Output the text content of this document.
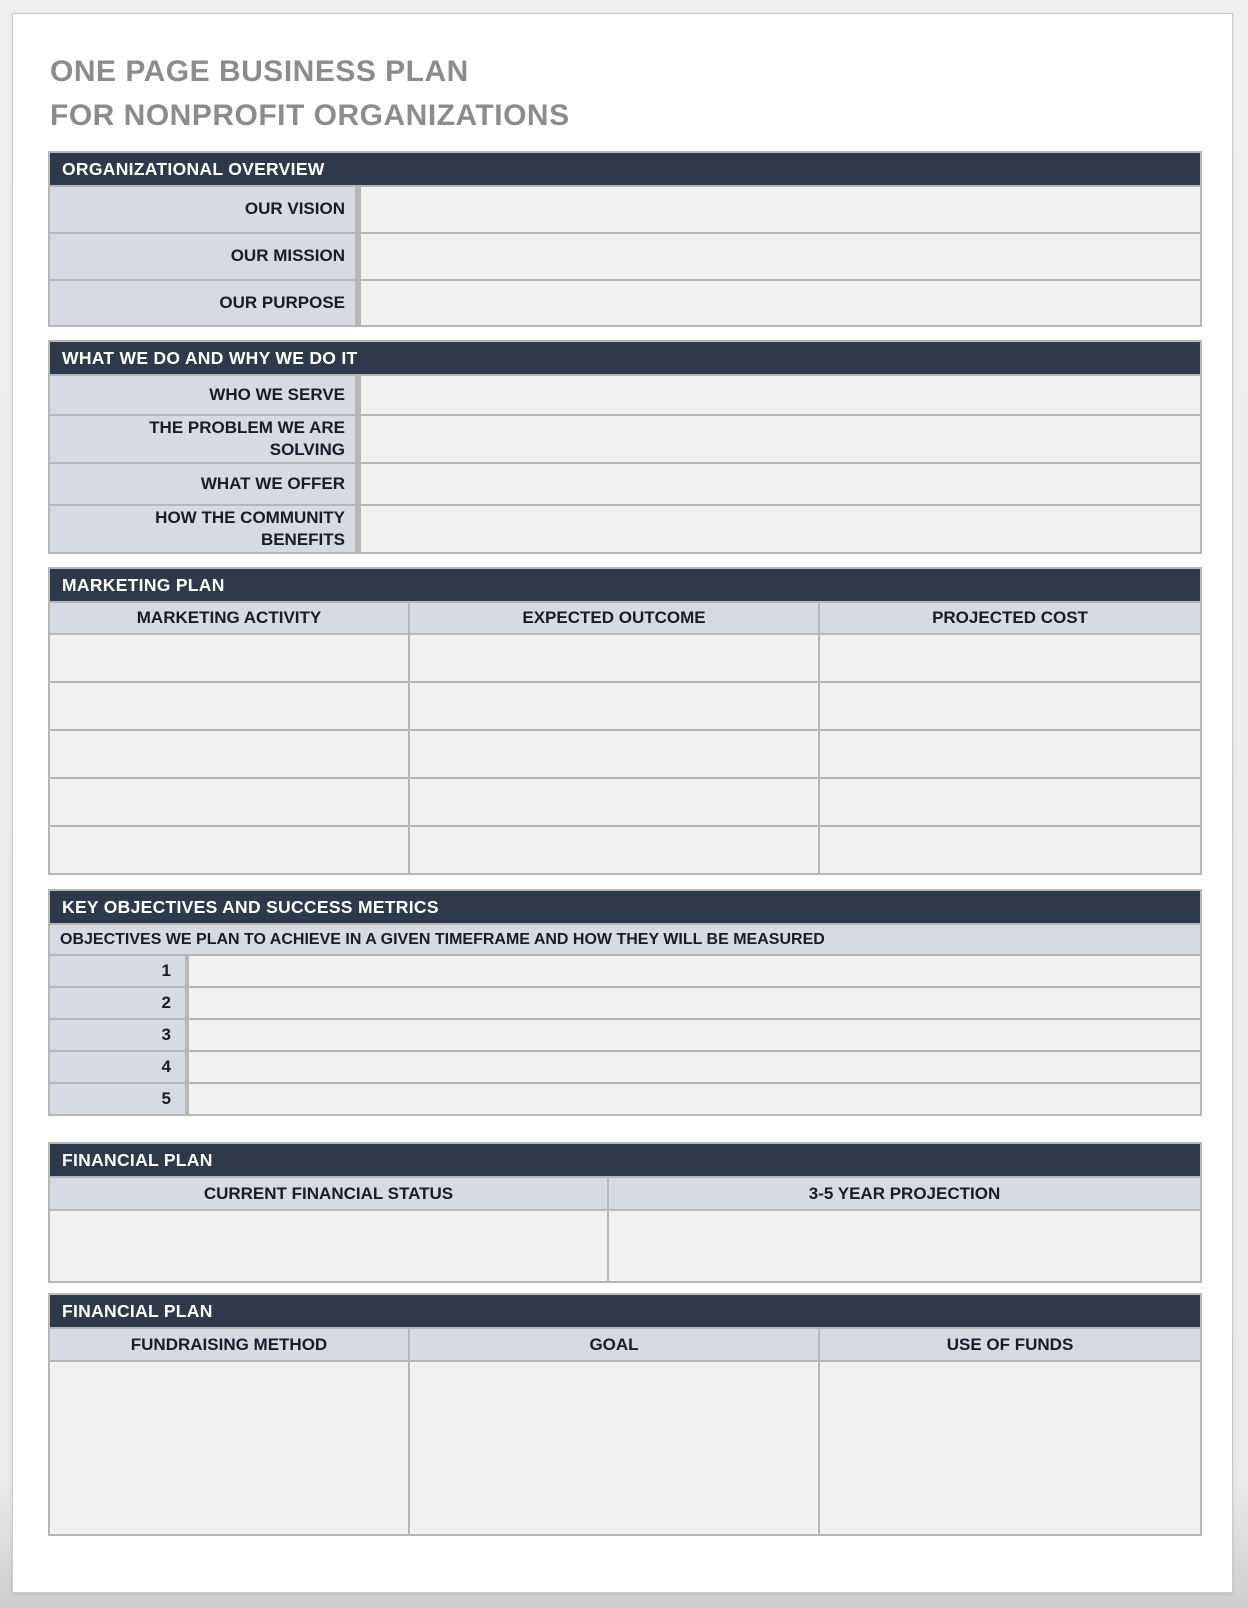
ONE PAGE BUSINESS PLAN
FOR NONPROFIT ORGANIZATIONS
ORGANIZATIONAL OVERVIEW
OUR VISION
OUR MISSION
OUR PURPOSE
WHAT WE DO AND WHY WE DO IT
WHO WE SERVE
THE PROBLEM WE ARE SOLVING
WHAT WE OFFER
HOW THE COMMUNITY BENEFITS
MARKETING PLAN
MARKETING ACTIVITY	EXPECTED OUTCOME	PROJECTED COST
KEY OBJECTIVES AND SUCCESS METRICS
OBJECTIVES WE PLAN TO ACHIEVE IN A GIVEN TIMEFRAME AND HOW THEY WILL BE MEASURED
1
2
3
4
5
FINANCIAL PLAN
CURRENT FINANCIAL STATUS	3-5 YEAR PROJECTION
FINANCIAL PLAN
FUNDRAISING METHOD	GOAL	USE OF FUNDS
